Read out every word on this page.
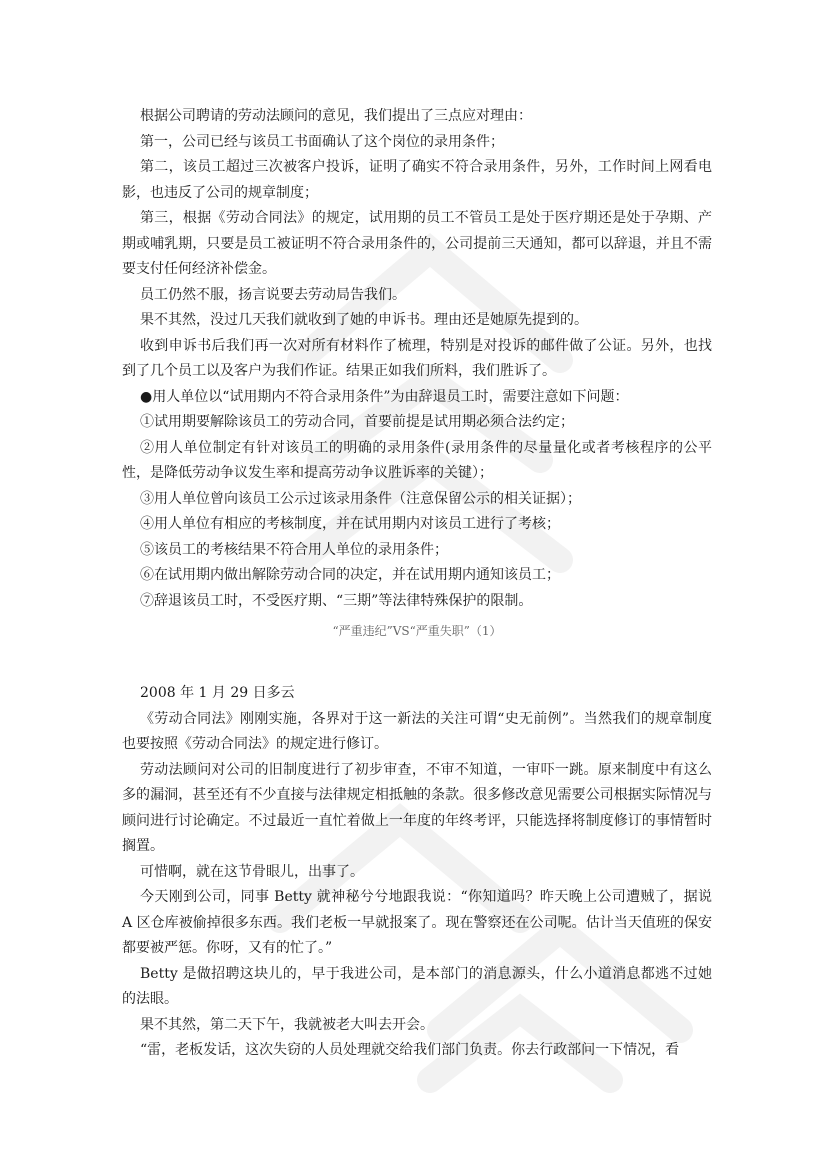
根据公司聘请的劳动法顾问的意见，我们提出了三点应对理由：

第一，公司已经与该员工书面确认了这个岗位的录用条件；

第二，该员工超过三次被客户投诉，证明了确实不符合录用条件，另外，工作时间上网看电影，也违反了公司的规章制度；

第三，根据《劳动合同法》的规定，试用期的员工不管员工是处于医疗期还是处于孕期、产期或哺乳期，只要是员工被证明不符合录用条件的，公司提前三天通知，都可以辞退，并且不需要支付任何经济补偿金。

员工仍然不服，扬言说要去劳动局告我们。

果不其然，没过几天我们就收到了她的申诉书。理由还是她原先提到的。

收到申诉书后我们再一次对所有材料作了梳理，特别是对投诉的邮件做了公证。另外，也找到了几个员工以及客户为我们作证。结果正如我们所料，我们胜诉了。

●用人单位以“试用期内不符合录用条件”为由辞退员工时，需要注意如下问题：

①试用期要解除该员工的劳动合同，首要前提是试用期必须合法约定；

②用人单位制定有针对该员工的明确的录用条件(录用条件的尽量量化或者考核程序的公平性，是降低劳动争议发生率和提高劳动争议胜诉率的关键）；

③用人单位曾向该员工公示过该录用条件（注意保留公示的相关证据）；

④用人单位有相应的考核制度，并在试用期内对该员工进行了考核；

⑤该员工的考核结果不符合用人单位的录用条件；

⑥在试用期内做出解除劳动合同的决定，并在试用期内通知该员工；

⑦辞退该员工时，不受医疗期、“三期”等法律特殊保护的限制。

“严重违纪”VS“严重失职”（1）

2008 年 1 月 29 日多云

《劳动合同法》刚刚实施，各界对于这一新法的关注可谓“史无前例”。当然我们的规章制度也要按照《劳动合同法》的规定进行修订。

劳动法顾问对公司的旧制度进行了初步审查，不审不知道，一审吓一跳。原来制度中有这么多的漏洞，甚至还有不少直接与法律规定相抵触的条款。很多修改意见需要公司根据实际情况与顾问进行讨论确定。不过最近一直忙着做上一年度的年终考评，只能选择将制度修订的事情暂时搁置。

可惜啊，就在这节骨眼儿，出事了。

今天刚到公司，同事 Betty 就神秘兮兮地跟我说：“你知道吗？昨天晚上公司遭贼了，据说 A 区仓库被偷掉很多东西。我们老板一早就报案了。现在警察还在公司呢。估计当天值班的保安都要被严惩。你呀，又有的忙了。”

Betty 是做招聘这块儿的，早于我进公司，是本部门的消息源头，什么小道消息都逃不过她的法眼。

果不其然，第二天下午，我就被老大叫去开会。

“雷，老板发话，这次失窃的人员处理就交给我们部门负责。你去行政部问一下情况，看
